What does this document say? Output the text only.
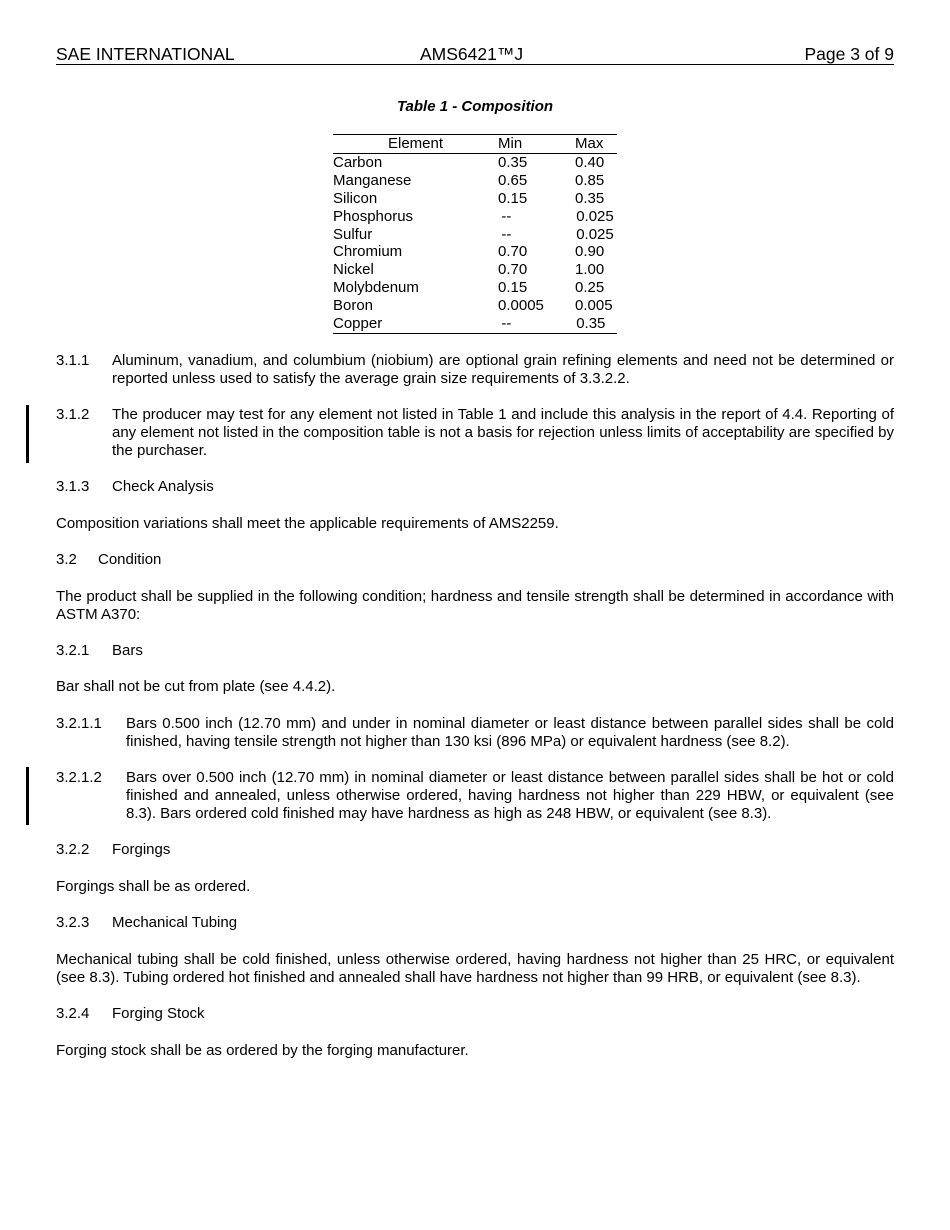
SAE INTERNATIONAL	AMS6421™J	Page 3 of 9
Table 1 - Composition
Element	Min	Max
Carbon	0.35	0.40
Manganese	0.65	0.85
Silicon	0.15	0.35
Phosphorus	--	0.025
Sulfur	--	0.025
Chromium	0.70	0.90
Nickel	0.70	1.00
Molybdenum	0.15	0.25
Boron	0.0005	0.005
Copper	--	0.35
3.1.1	Aluminum, vanadium, and columbium (niobium) are optional grain refining elements and need not be determined or reported unless used to satisfy the average grain size requirements of 3.3.2.2.
3.1.2	The producer may test for any element not listed in Table 1 and include this analysis in the report of 4.4. Reporting of any element not listed in the composition table is not a basis for rejection unless limits of acceptability are specified by the purchaser.
3.1.3	Check Analysis
Composition variations shall meet the applicable requirements of AMS2259.
3.2	Condition
The product shall be supplied in the following condition; hardness and tensile strength shall be determined in accordance with ASTM A370:
3.2.1	Bars
Bar shall not be cut from plate (see 4.4.2).
3.2.1.1	Bars 0.500 inch (12.70 mm) and under in nominal diameter or least distance between parallel sides shall be cold finished, having tensile strength not higher than 130 ksi (896 MPa) or equivalent hardness (see 8.2).
3.2.1.2	Bars over 0.500 inch (12.70 mm) in nominal diameter or least distance between parallel sides shall be hot or cold finished and annealed, unless otherwise ordered, having hardness not higher than 229 HBW, or equivalent (see 8.3). Bars ordered cold finished may have hardness as high as 248 HBW, or equivalent (see 8.3).
3.2.2	Forgings
Forgings shall be as ordered.
3.2.3	Mechanical Tubing
Mechanical tubing shall be cold finished, unless otherwise ordered, having hardness not higher than 25 HRC, or equivalent (see 8.3). Tubing ordered hot finished and annealed shall have hardness not higher than 99 HRB, or equivalent (see 8.3).
3.2.4	Forging Stock
Forging stock shall be as ordered by the forging manufacturer.
